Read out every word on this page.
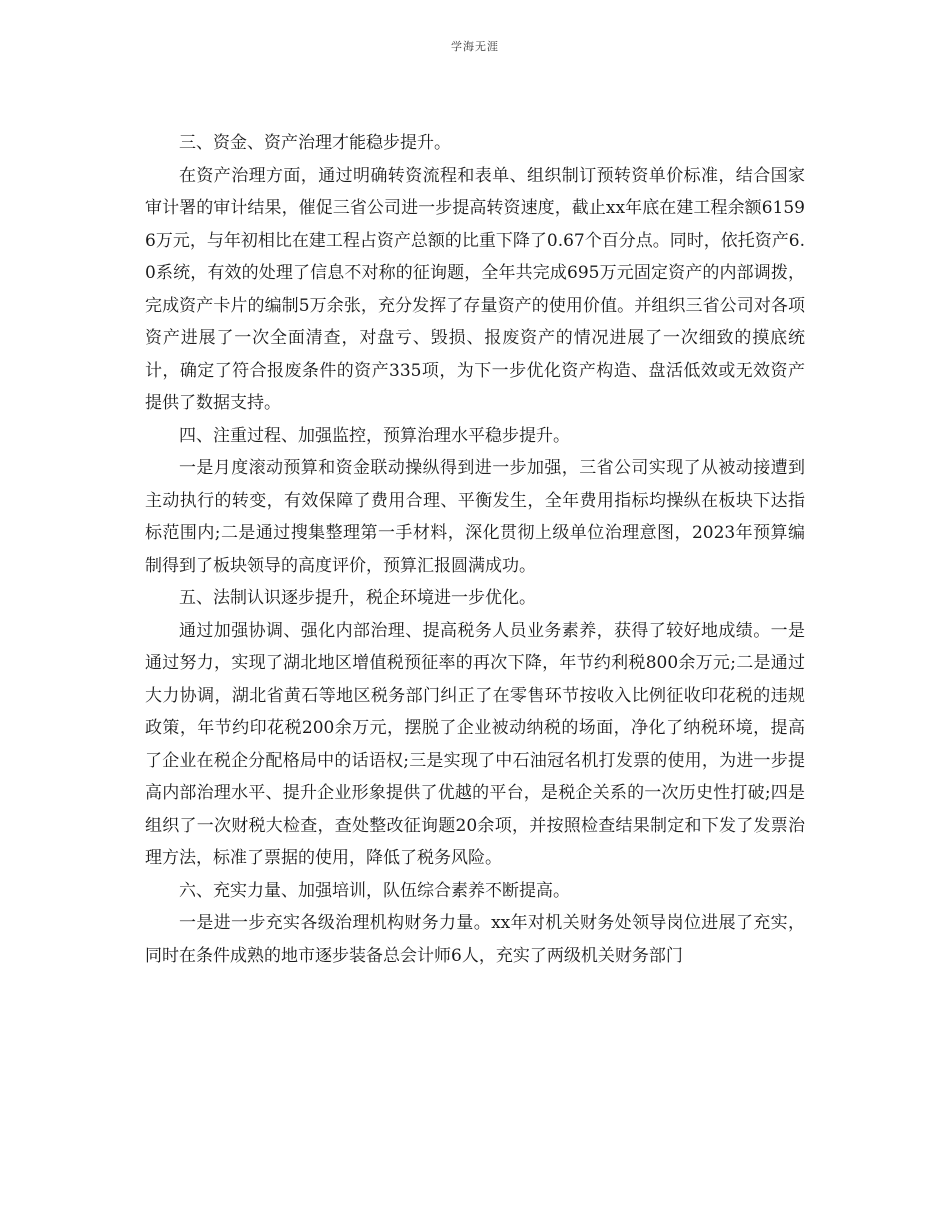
学海无涯

三、资金、资产治理才能稳步提升。

在资产治理方面，通过明确转资流程和表单、组织制订预转资单价标准，结合国家审计署的审计结果，催促三省公司进一步提高转资速度，截止xx年底在建工程余额61596万元，与年初相比在建工程占资产总额的比重下降了0.67个百分点。同时，依托资产6.0系统，有效的处理了信息不对称的征询题，全年共完成695万元固定资产的内部调拨，完成资产卡片的编制5万余张，充分发挥了存量资产的使用价值。并组织三省公司对各项资产进展了一次全面清查，对盘亏、毁损、报废资产的情况进展了一次细致的摸底统计，确定了符合报废条件的资产335项，为下一步优化资产构造、盘活低效或无效资产提供了数据支持。

四、注重过程、加强监控，预算治理水平稳步提升。

一是月度滚动预算和资金联动操纵得到进一步加强，三省公司实现了从被动接遭到主动执行的转变，有效保障了费用合理、平衡发生，全年费用指标均操纵在板块下达指标范围内;二是通过搜集整理第一手材料，深化贯彻上级单位治理意图，2023年预算编制得到了板块领导的高度评价，预算汇报圆满成功。

五、法制认识逐步提升，税企环境进一步优化。

通过加强协调、强化内部治理、提高税务人员业务素养，获得了较好地成绩。一是通过努力，实现了湖北地区增值税预征率的再次下降，年节约利税800余万元;二是通过大力协调，湖北省黄石等地区税务部门纠正了在零售环节按收入比例征收印花税的违规政策，年节约印花税200余万元，摆脱了企业被动纳税的场面，净化了纳税环境，提高了企业在税企分配格局中的话语权;三是实现了中石油冠名机打发票的使用，为进一步提高内部治理水平、提升企业形象提供了优越的平台，是税企关系的一次历史性打破;四是组织了一次财税大检查，查处整改征询题20余项，并按照检查结果制定和下发了发票治理方法，标准了票据的使用，降低了税务风险。

六、充实力量、加强培训，队伍综合素养不断提高。

一是进一步充实各级治理机构财务力量。xx年对机关财务处领导岗位进展了充实，同时在条件成熟的地市逐步装备总会计师6人，充实了两级机关财务部门
